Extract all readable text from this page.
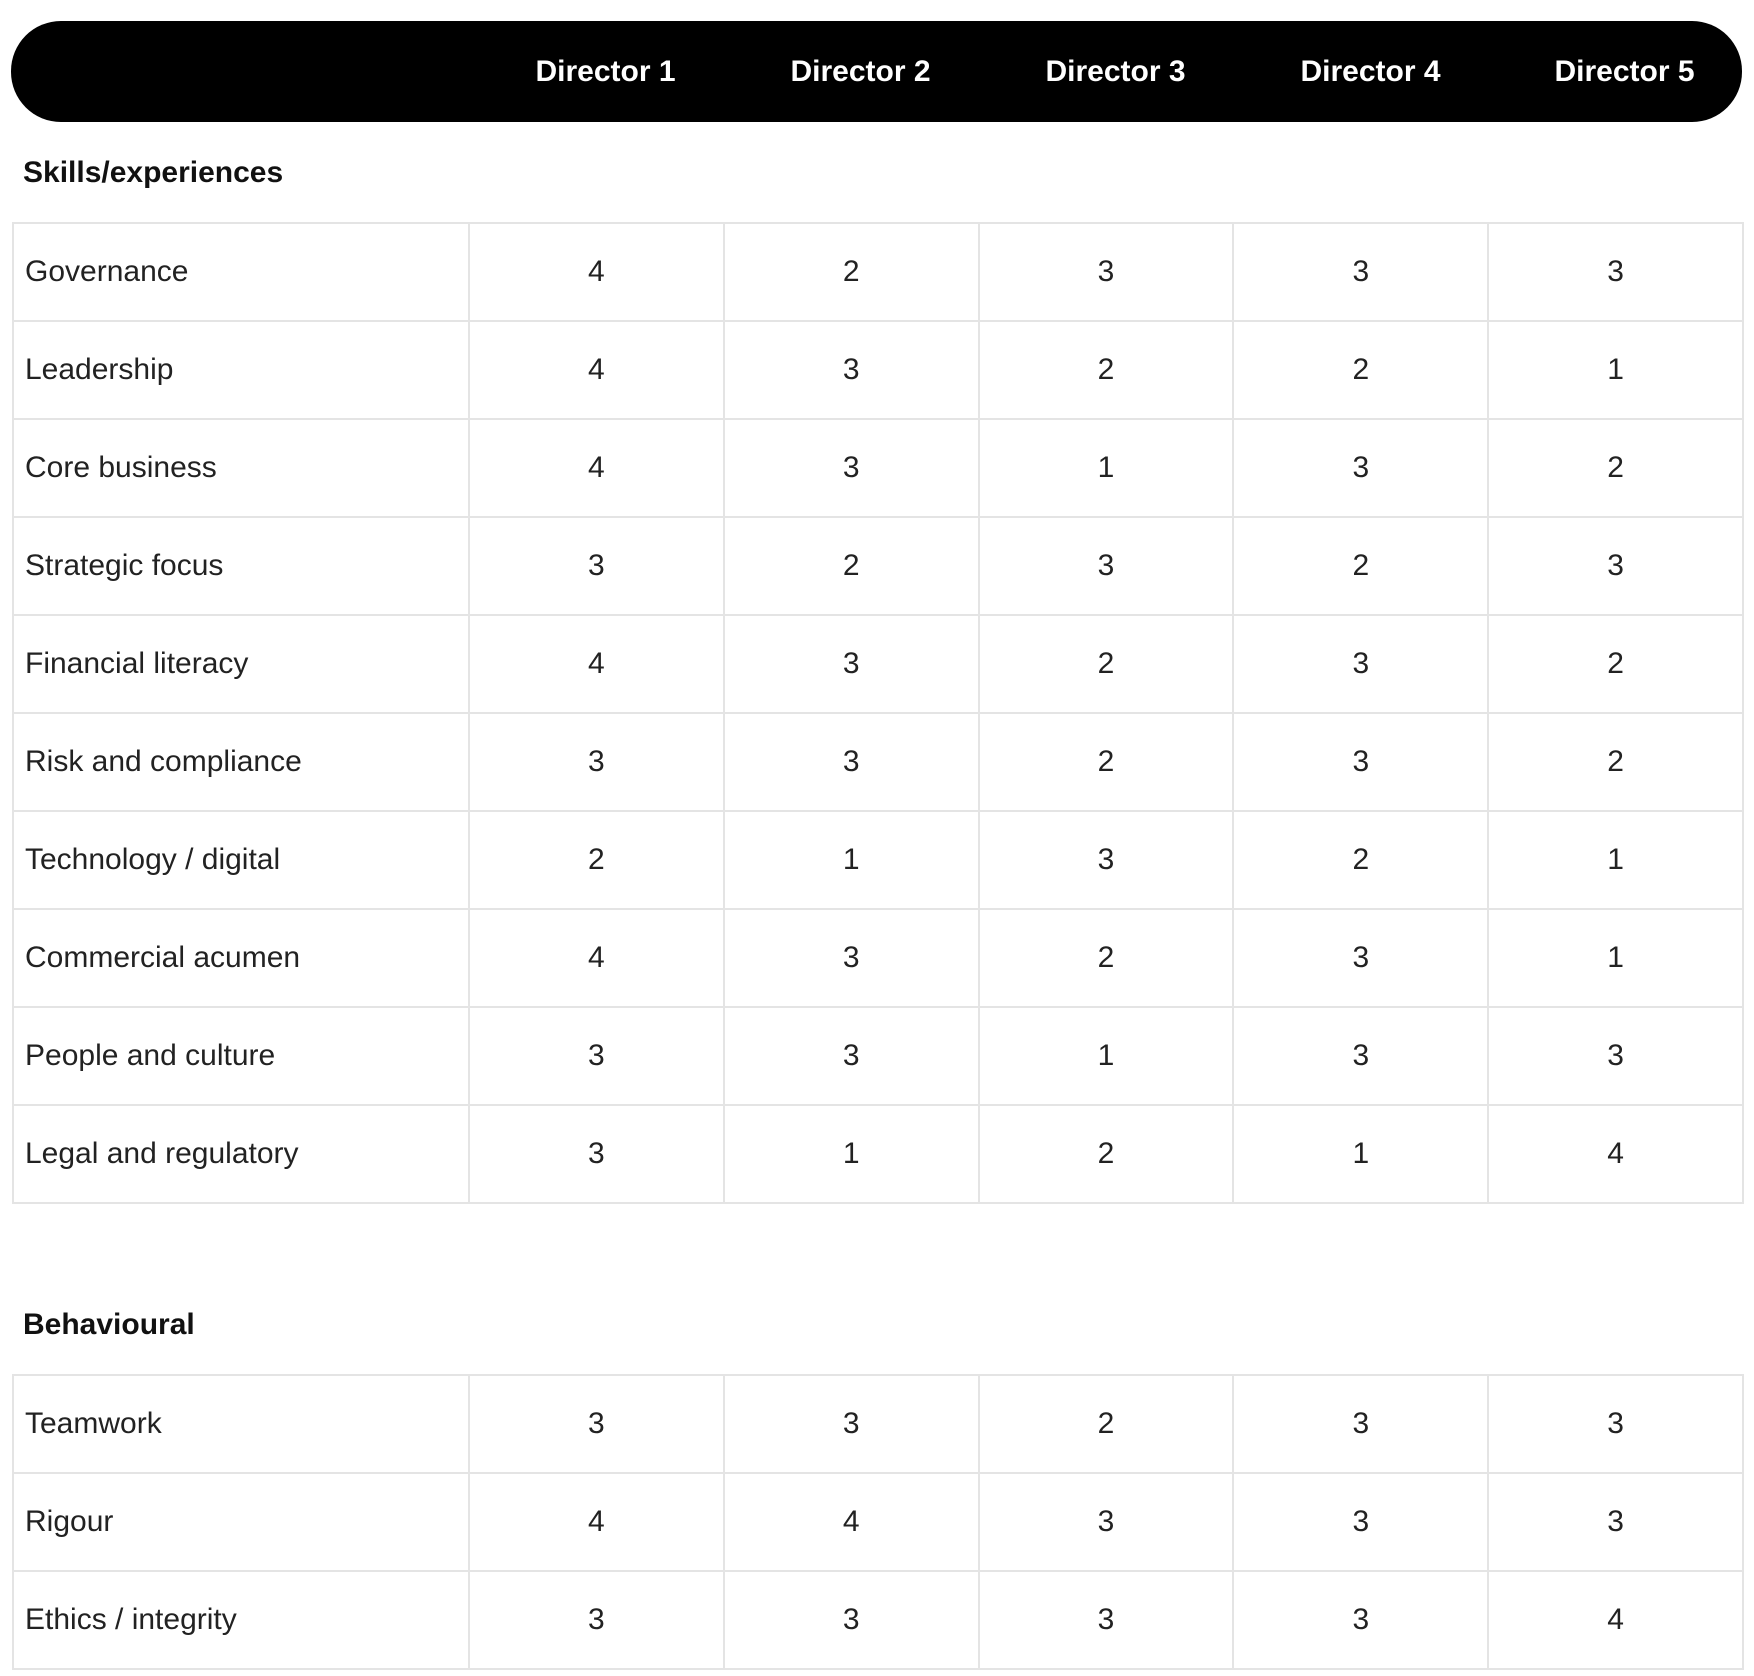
Director 1	Director 2	Director 3	Director 4	Director 5
Skills/experiences
Governance	4	2	3	3	3
Leadership	4	3	2	2	1
Core business	4	3	1	3	2
Strategic focus	3	2	3	2	3
Financial literacy	4	3	2	3	2
Risk and compliance	3	3	2	3	2
Technology / digital	2	1	3	2	1
Commercial acumen	4	3	2	3	1
People and culture	3	3	1	3	3
Legal and regulatory	3	1	2	1	4
Behavioural
Teamwork	3	3	2	3	3
Rigour	4	4	3	3	3
Ethics / integrity	3	3	3	3	4
